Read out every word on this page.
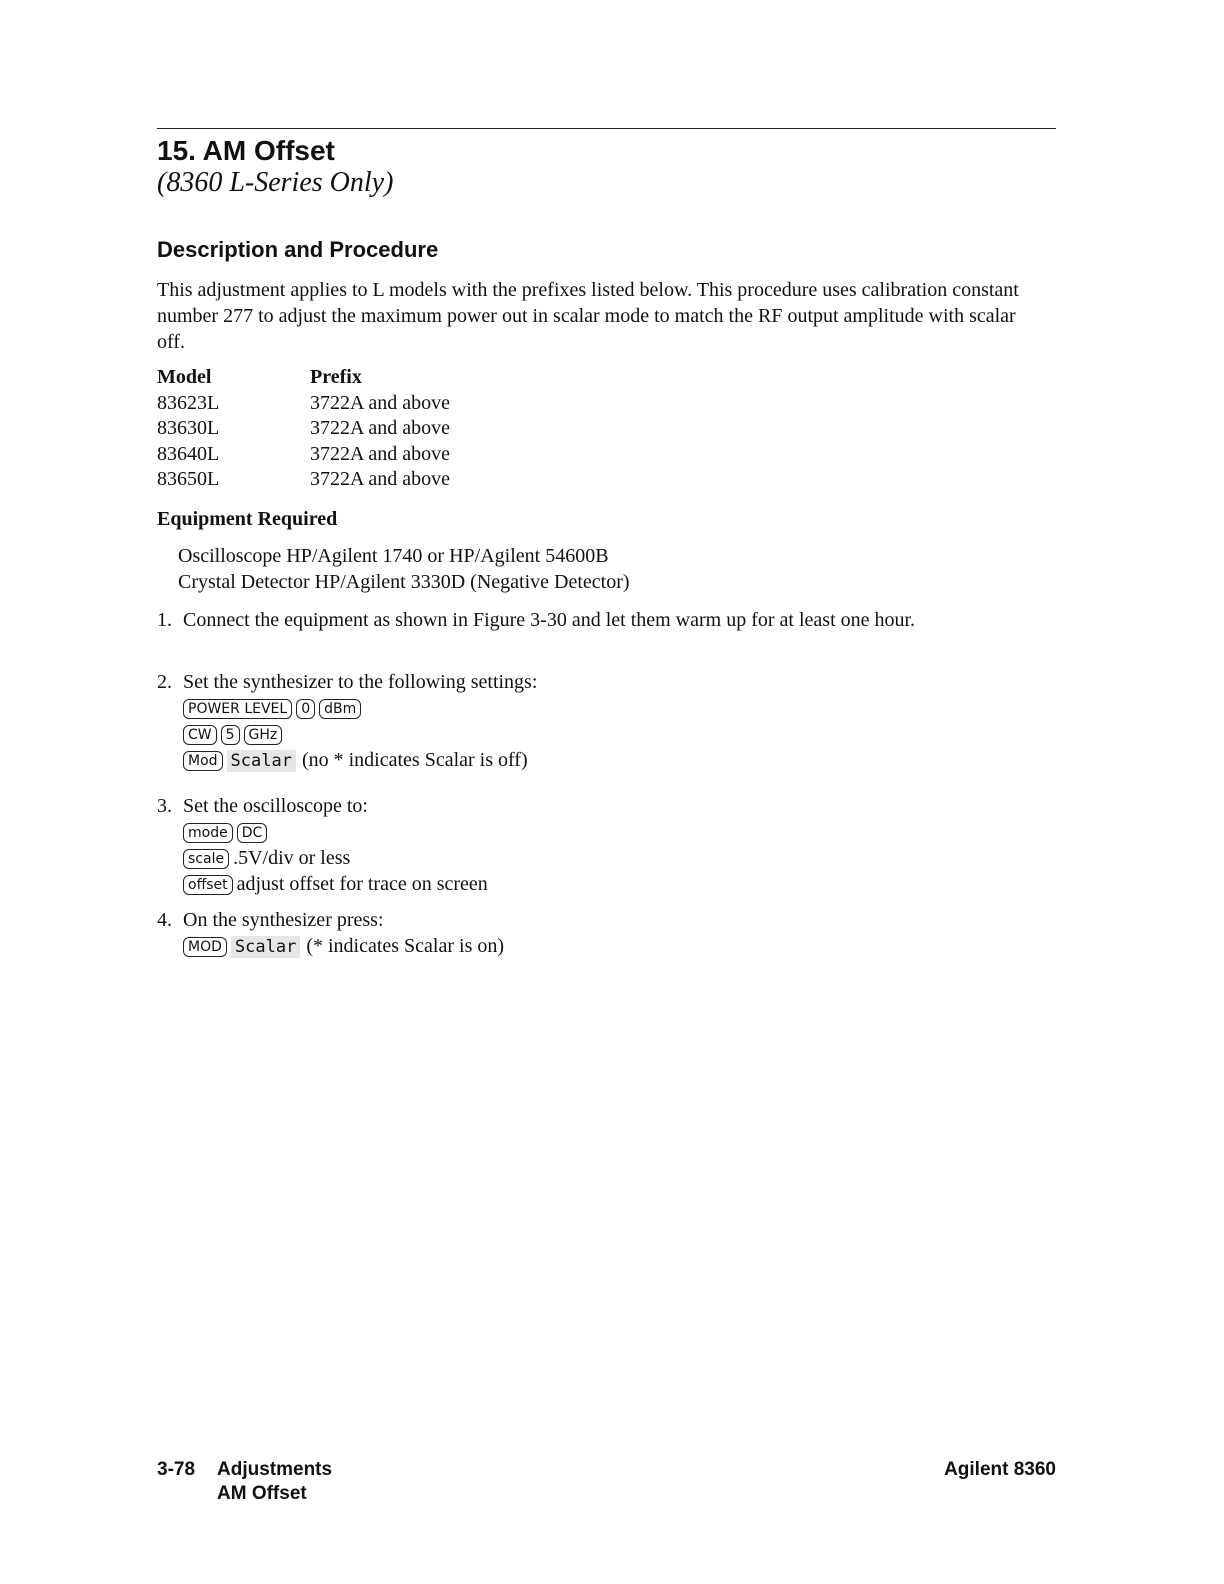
15. AM Offset
(8360 L-Series Only)
Description and Procedure

This adjustment applies to L models with the prefixes listed below. This procedure uses calibration constant number 277 to adjust the maximum power out in scalar mode to match the RF output amplitude with scalar off.

Model	Prefix
83623L	3722A and above
83630L	3722A and above
83640L	3722A and above
83650L	3722A and above
Equipment Required
Oscilloscope HP/Agilent 1740 or HP/Agilent 54600B
Crystal Detector HP/Agilent 3330D (Negative Detector)
1. Connect the equipment as shown in Figure 3-30 and let them warm up for at least one hour.
2. Set the synthesizer to the following settings:
POWER LEVEL 0 dBm
CW 5 GHz
Mod Scalar (no * indicates Scalar is off)
3. Set the oscilloscope to:
mode DC
scale .5V/div or less
offset adjust offset for trace on screen
4. On the synthesizer press:
MOD Scalar (* indicates Scalar is on)
3-78 Adjustments
AM Offset
Agilent 8360
